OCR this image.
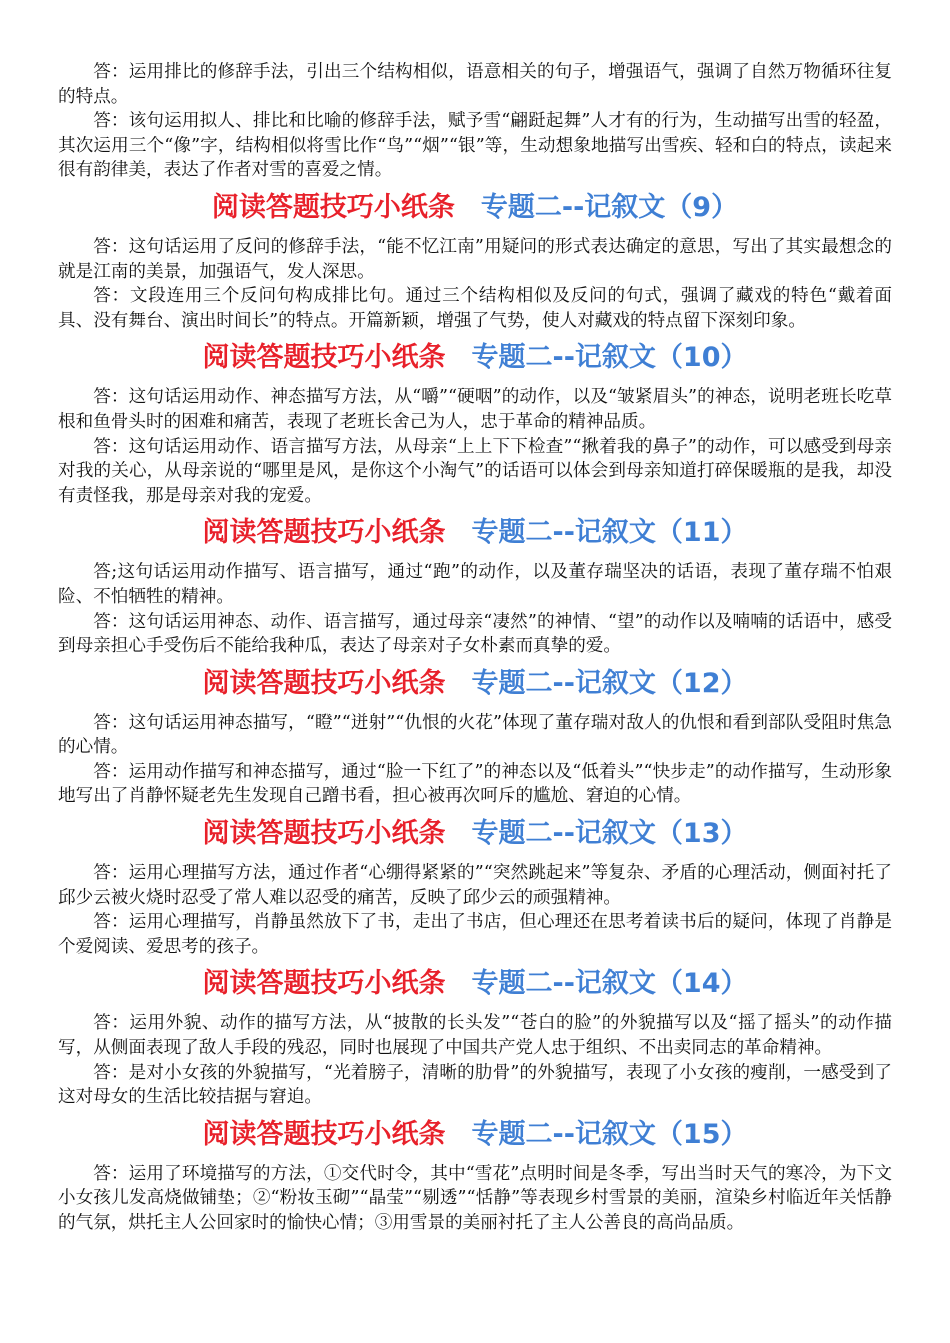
答：运用排比的修辞手法，引出三个结构相似，语意相关的句子，增强语气，强调了自然万物循环往复的特点。

答：该句运用拟人、排比和比喻的修辞手法，赋予雪“翩跹起舞”人才有的行为，生动描写出雪的轻盈，其次运用三个“像”字，结构相似将雪比作“鸟”“烟”“银”等，生动想象地描写出雪疾、轻和白的特点，读起来很有韵律美，表达了作者对雪的喜爱之情。

阅读答题技巧小纸条 专题二--记叙文（9）

答：这句话运用了反问的修辞手法，“能不忆江南”用疑问的形式表达确定的意思，写出了其实最想念的就是江南的美景，加强语气，发人深思。

答：文段连用三个反问句构成排比句。通过三个结构相似及反问的句式，强调了藏戏的特色“戴着面具、没有舞台、演出时间长”的特点。开篇新颖，增强了气势，使人对藏戏的特点留下深刻印象。

阅读答题技巧小纸条 专题二--记叙文（10）

答：这句话运用动作、神态描写方法，从“嚼”“硬咽”的动作，以及“皱紧眉头”的神态，说明老班长吃草根和鱼骨头时的困难和痛苦，表现了老班长舍己为人，忠于革命的精神品质。

答：这句话运用动作、语言描写方法，从母亲“上上下下检查”“揪着我的鼻子”的动作，可以感受到母亲对我的关心，从母亲说的“哪里是风，是你这个小淘气”的话语可以体会到母亲知道打碎保暖瓶的是我，却没有责怪我，那是母亲对我的宠爱。

阅读答题技巧小纸条 专题二--记叙文（11）

答;这句话运用动作描写、语言描写，通过“跑”的动作，以及董存瑞坚决的话语，表现了董存瑞不怕艰险、不怕牺牲的精神。

答：这句话运用神态、动作、语言描写，通过母亲“凄然”的神情、“望”的动作以及喃喃的话语中，感受到母亲担心手受伤后不能给我种瓜，表达了母亲对子女朴素而真挚的爱。

阅读答题技巧小纸条 专题二--记叙文（12）

答：这句话运用神态描写，“瞪”“迸射”“仇恨的火花”体现了董存瑞对敌人的仇恨和看到部队受阻时焦急的心情。

答：运用动作描写和神态描写，通过“脸一下红了”的神态以及“低着头”“快步走”的动作描写，生动形象地写出了肖静怀疑老先生发现自己蹭书看，担心被再次呵斥的尴尬、窘迫的心情。

阅读答题技巧小纸条 专题二--记叙文（13）

答：运用心理描写方法，通过作者“心绷得紧紧的”“突然跳起来”等复杂、矛盾的心理活动，侧面衬托了邱少云被火烧时忍受了常人难以忍受的痛苦，反映了邱少云的顽强精神。

答：运用心理描写，肖静虽然放下了书，走出了书店，但心理还在思考着读书后的疑问，体现了肖静是个爱阅读、爱思考的孩子。

阅读答题技巧小纸条 专题二--记叙文（14）

答：运用外貌、动作的描写方法，从“披散的长头发”“苍白的脸”的外貌描写以及“摇了摇头”的动作描写，从侧面表现了敌人手段的残忍，同时也展现了中国共产党人忠于组织、不出卖同志的革命精神。

答：是对小女孩的外貌描写，“光着膀子，清晰的肋骨”的外貌描写，表现了小女孩的瘦削，一感受到了这对母女的生活比较拮据与窘迫。

阅读答题技巧小纸条 专题二--记叙文（15）

答：运用了环境描写的方法，①交代时令，其中“雪花”点明时间是冬季，写出当时天气的寒冷，为下文小女孩儿发高烧做铺垫；②“粉妆玉砌”“晶莹”“剔透”“恬静”等表现乡村雪景的美丽，渲染乡村临近年关恬静的气氛，烘托主人公回家时的愉快心情；③用雪景的美丽衬托了主人公善良的高尚品质。
